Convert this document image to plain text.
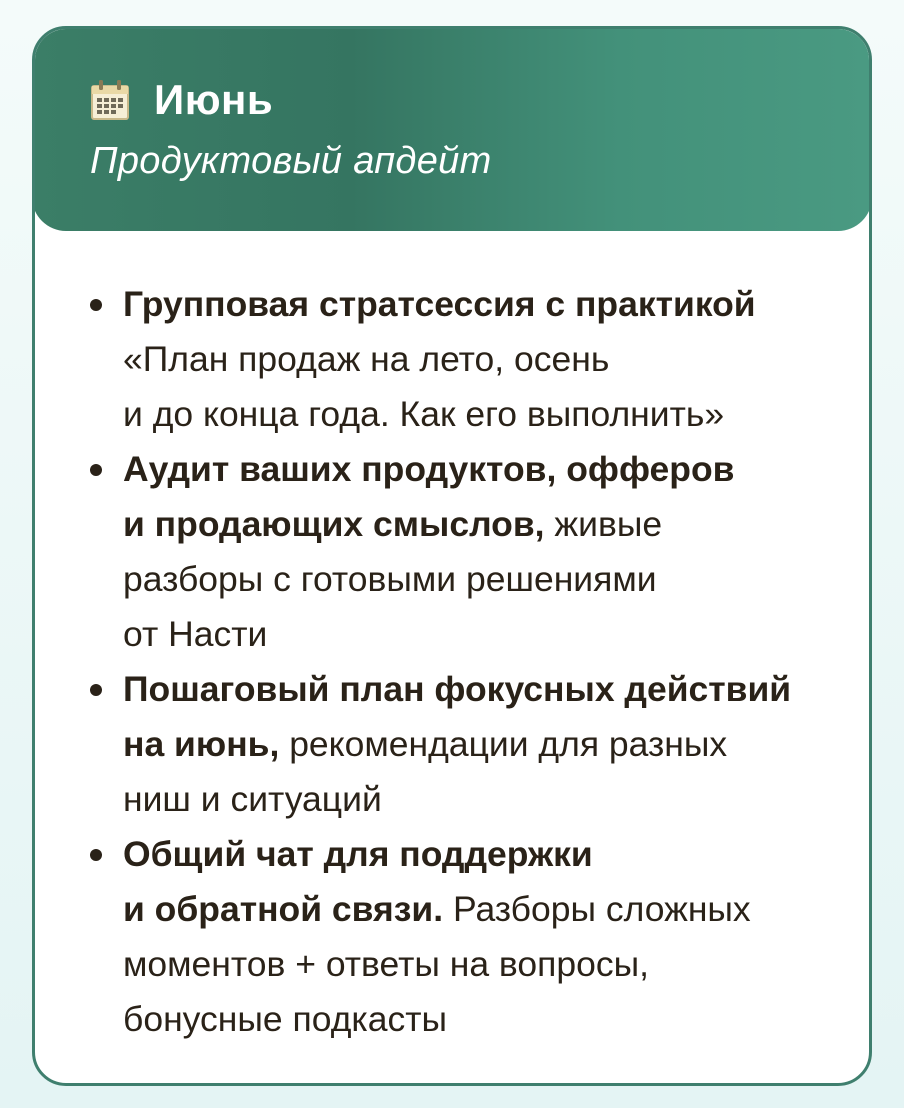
Июнь
Продуктовый апдейт
Групповая стратсессия с практикой
«План продаж на лето, осень
и до конца года. Как его выполнить»
Аудит ваших продуктов, офферов
и продающих смыслов, живые
разборы с готовыми решениями
от Насти
Пошаговый план фокусных действий
на июнь, рекомендации для разных
ниш и ситуаций
Общий чат для поддержки
и обратной связи. Разборы сложных
моментов + ответы на вопросы,
бонусные подкасты
